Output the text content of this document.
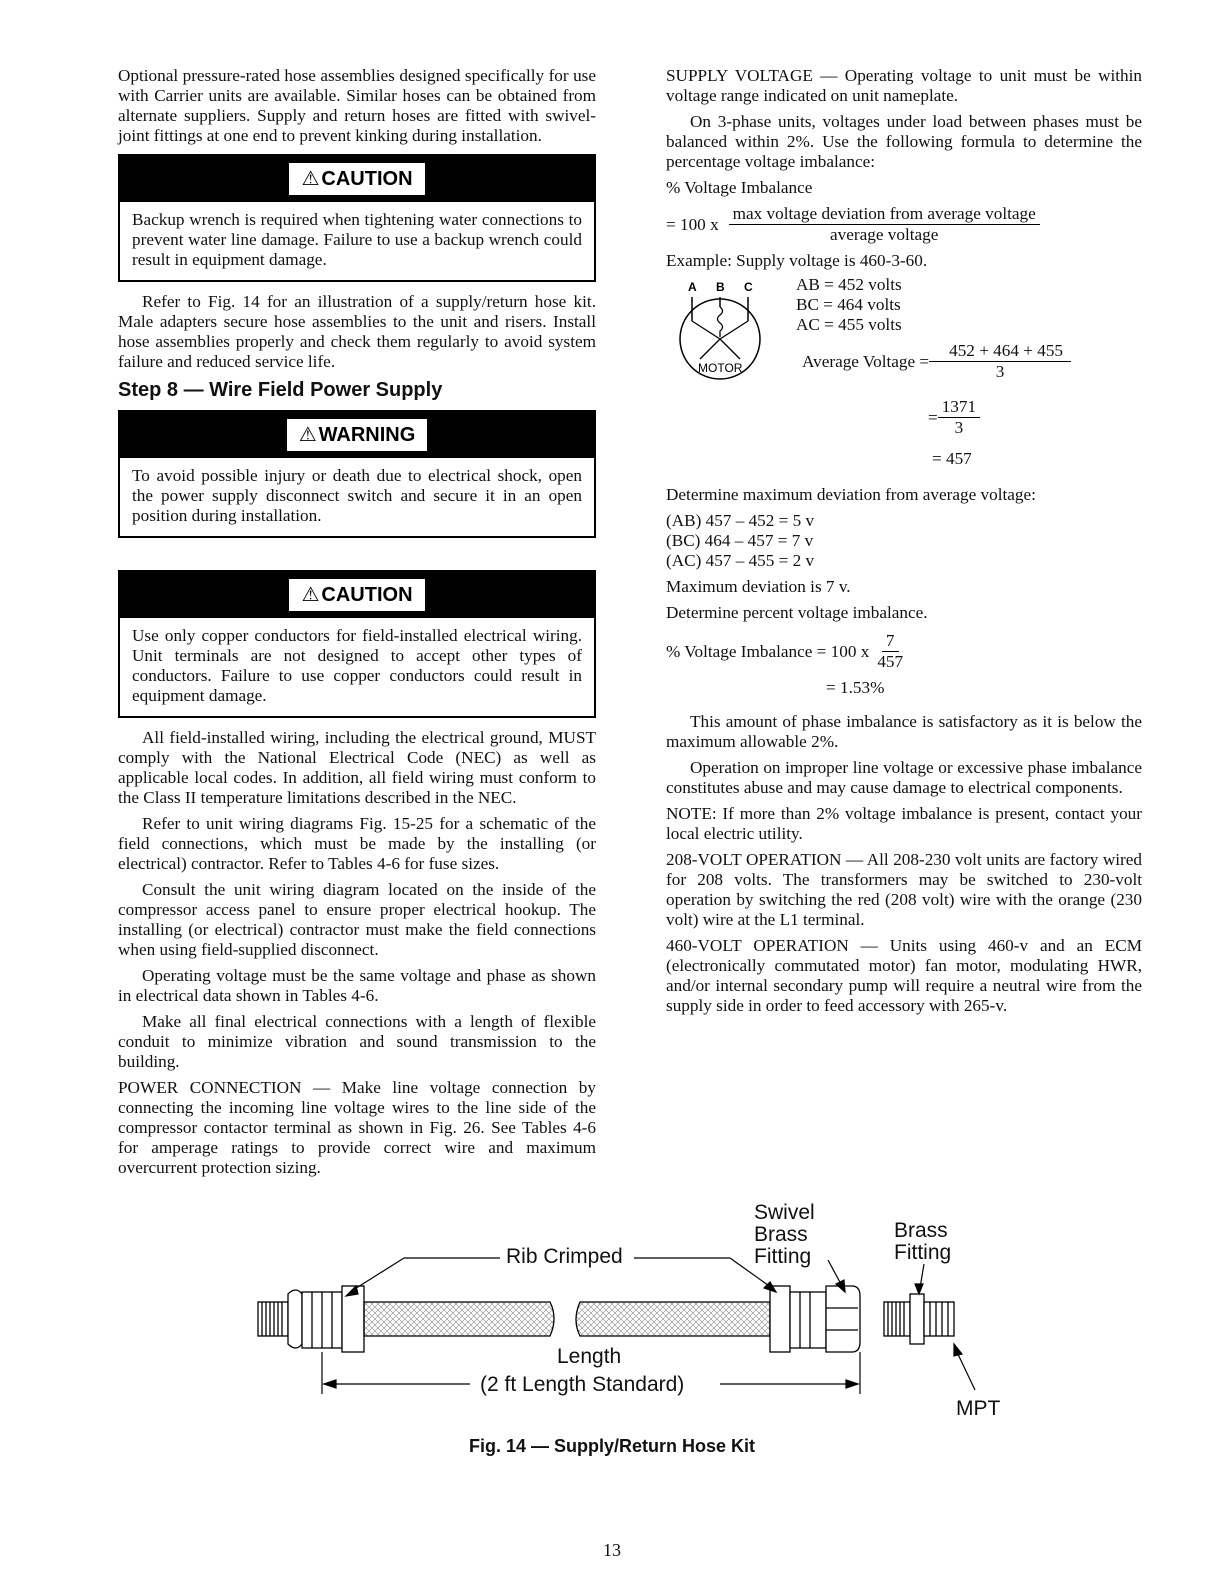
Optional pressure-rated hose assemblies designed specifically for use with Carrier units are available. Similar hoses can be obtained from alternate suppliers. Supply and return hoses are fitted with swivel-joint fittings at one end to prevent kinking during installation.

⚠ CAUTION

Backup wrench is required when tightening water connections to prevent water line damage. Failure to use a backup wrench could result in equipment damage.

Refer to Fig. 14 for an illustration of a supply/return hose kit. Male adapters secure hose assemblies to the unit and risers. Install hose assemblies properly and check them regularly to avoid system failure and reduced service life.

Step 8 — Wire Field Power Supply
⚠ WARNING

To avoid possible injury or death due to electrical shock, open the power supply disconnect switch and secure it in an open position during installation.

⚠ CAUTION

Use only copper conductors for field-installed electrical wiring. Unit terminals are not designed to accept other types of conductors. Failure to use copper conductors could result in equipment damage.

All field-installed wiring, including the electrical ground, MUST comply with the National Electrical Code (NEC) as well as applicable local codes. In addition, all field wiring must conform to the Class II temperature limitations described in the NEC.

Refer to unit wiring diagrams Fig. 15-25 for a schematic of the field connections, which must be made by the installing (or electrical) contractor. Refer to Tables 4-6 for fuse sizes.

Consult the unit wiring diagram located on the inside of the compressor access panel to ensure proper electrical hookup. The installing (or electrical) contractor must make the field connections when using field-supplied disconnect.

Operating voltage must be the same voltage and phase as shown in electrical data shown in Tables 4-6.

Make all final electrical connections with a length of flexible conduit to minimize vibration and sound transmission to the building.

POWER CONNECTION — Make line voltage connection by connecting the incoming line voltage wires to the line side of the compressor contactor terminal as shown in Fig. 26. See Tables 4-6 for amperage ratings to provide correct wire and maximum overcurrent protection sizing.

SUPPLY VOLTAGE — Operating voltage to unit must be within voltage range indicated on unit nameplate.

On 3-phase units, voltages under load between phases must be balanced within 2%. Use the following formula to determine the percentage voltage imbalance:

% Voltage Imbalance

= 100 x $\frac{\text{max voltage deviation from average voltage}}{\text{average voltage}}$

Example: Supply voltage is 460-3-60.

A B C
MOTOR
AB = 452 volts
BC = 464 volts
AC = 455 volts
Average Voltage = $\frac{452 + 464 + 455}{3}$
= $\frac{1371}{3}$
= 457

Determine maximum deviation from average voltage:

(AB) 457 – 452 = 5 v
(BC) 464 – 457 = 7 v
(AC) 457 – 455 = 2 v

Maximum deviation is 7 v.

Determine percent voltage imbalance.

% Voltage Imbalance = 100 x $\frac{7}{457}$
= 1.53%

This amount of phase imbalance is satisfactory as it is below the maximum allowable 2%.

Operation on improper line voltage or excessive phase imbalance constitutes abuse and may cause damage to electrical components.

NOTE: If more than 2% voltage imbalance is present, contact your local electric utility.

208-VOLT OPERATION — All 208-230 volt units are factory wired for 208 volts. The transformers may be switched to 230-volt operation by switching the red (208 volt) wire with the orange (230 volt) wire at the L1 terminal.

460-VOLT OPERATION — Units using 460-v and an ECM (electronically commutated motor) fan motor, modulating HWR, and/or internal secondary pump will require a neutral wire from the supply side in order to feed accessory with 265-v.

Rib Crimped
Swivel
Brass
Fitting
Brass
Fitting
Length
(2 ft Length Standard)
MPT
Fig. 14 — Supply/Return Hose Kit
13
